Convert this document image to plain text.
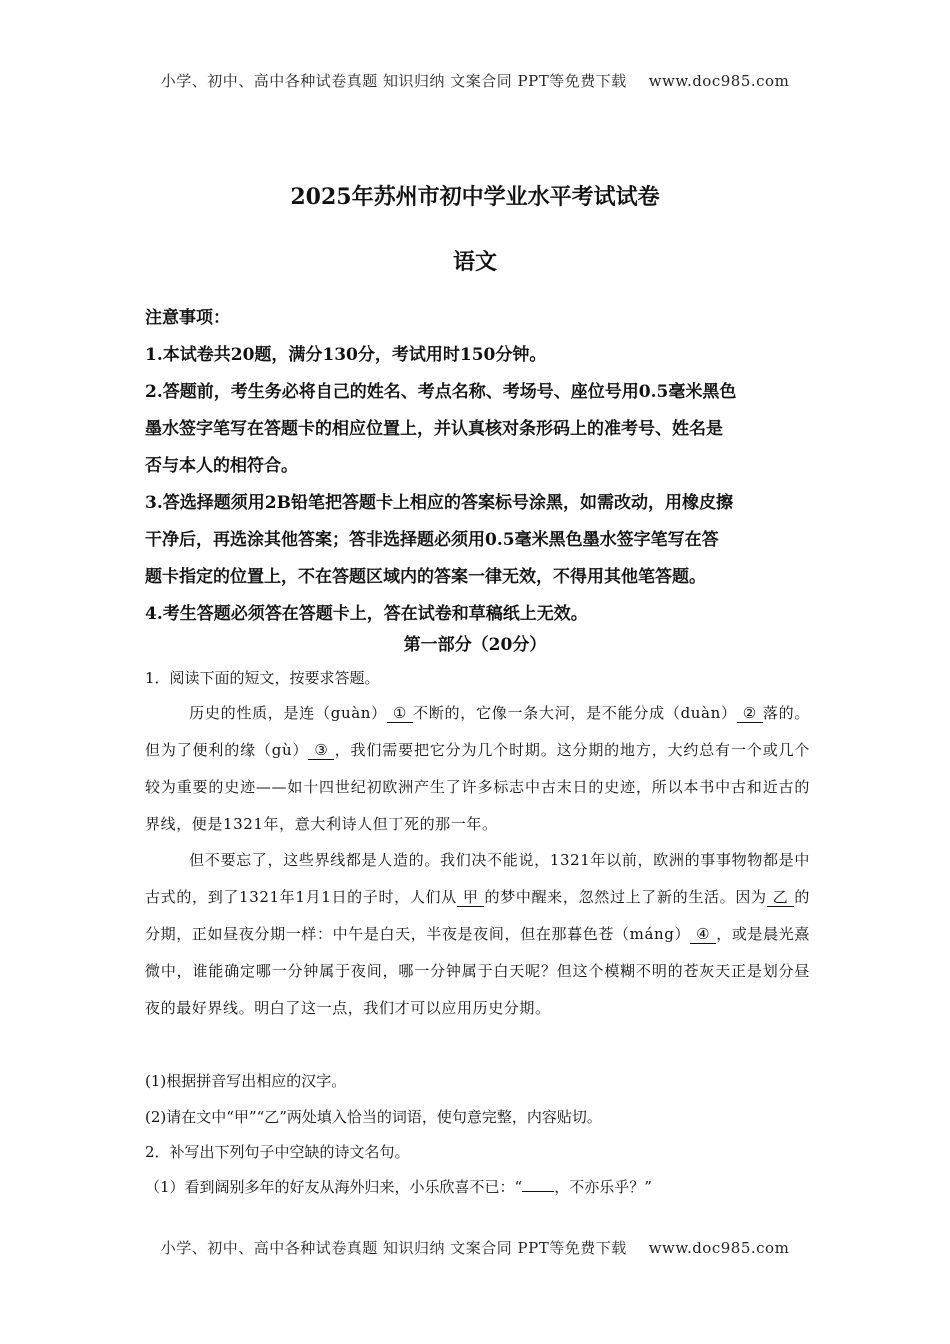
小学、初中、高中各种试卷真题 知识归纳 文案合同 PPT等免费下载 www.doc985.com
2025年苏州市初中学业水平考试试卷
语文
注意事项：
1.本试卷共20题，满分130分，考试用时150分钟。
2.答题前，考生务必将自己的姓名、考点名称、考场号、座位号用0.5毫米黑色
墨水签字笔写在答题卡的相应位置上，并认真核对条形码上的准考号、姓名是
否与本人的相符合。
3.答选择题须用2B铅笔把答题卡上相应的答案标号涂黑，如需改动，用橡皮擦
干净后，再选涂其他答案；答非选择题必须用0.5毫米黑色墨水签字笔写在答
题卡指定的位置上，不在答题区域内的答案一律无效，不得用其他笔答题。
4.考生答题必须答在答题卡上，答在试卷和草稿纸上无效。
第一部分（20分）
1．阅读下面的短文，按要求答题。
历史的性质，是连（guàn） ① 不断的，它像一条大河，是不能分成（duàn） ② 落的。但为了便利的缘（gù） ③ ，我们需要把它分为几个时期。这分期的地方，大约总有一个或几个较为重要的史迹——如十四世纪初欧洲产生了许多标志中古末日的史迹，所以本书中古和近古的界线，便是1321年，意大利诗人但丁死的那一年。
但不要忘了，这些界线都是人造的。我们决不能说，1321年以前，欧洲的事事物物都是中古式的，到了1321年1月1日的子时，人们从 甲 的梦中醒来，忽然过上了新的生活。因为 乙 的分期，正如昼夜分期一样：中午是白天，半夜是夜间，但在那暮色苍（máng） ④ ，或是晨光熹微中，谁能确定哪一分钟属于夜间，哪一分钟属于白天呢？但这个模糊不明的苍灰天正是划分昼夜的最好界线。明白了这一点，我们才可以应用历史分期。
(1)根据拼音写出相应的汉字。
(2)请在文中“甲”“乙”两处填入恰当的词语，使句意完整，内容贴切。
2．补写出下列句子中空缺的诗文名句。
（1）看到阔别多年的好友从海外归来，小乐欣喜不已：“ ，不亦乐乎？”
小学、初中、高中各种试卷真题 知识归纳 文案合同 PPT等免费下载 www.doc985.com
